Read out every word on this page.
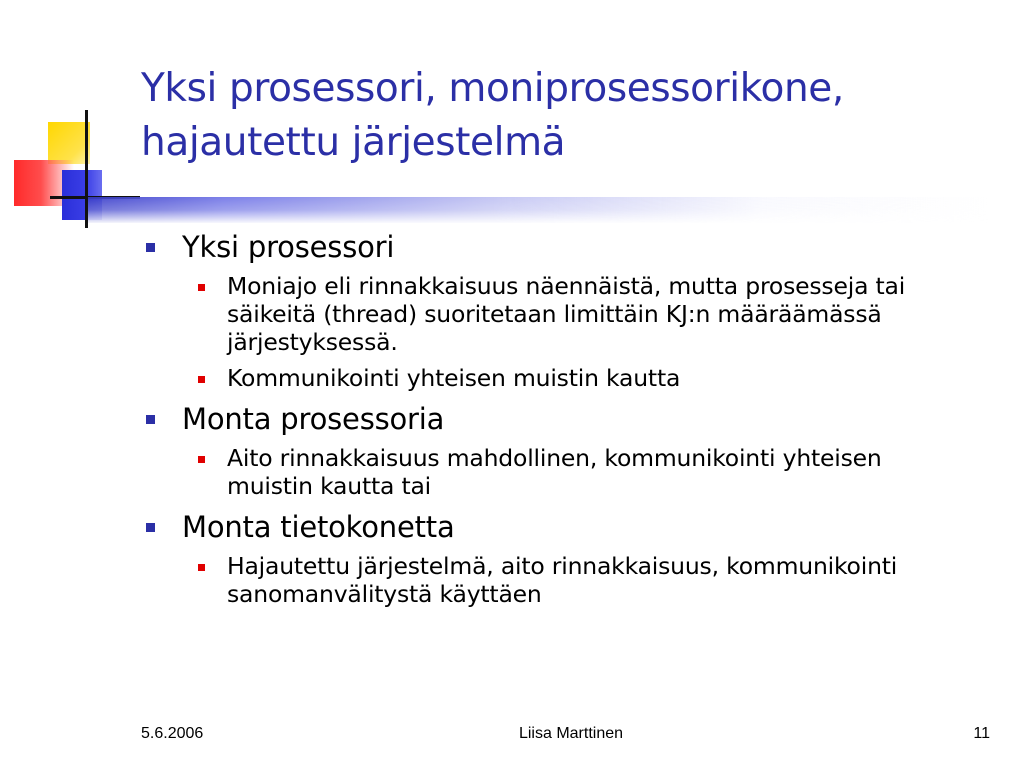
Yksi prosessori, moniprosessorikone,
hajautettu järjestelmä
Yksi prosessori
Moniajo eli rinnakkaisuus näennäistä, mutta prosesseja tai säikeitä (thread) suoritetaan limittäin KJ:n määräämässä järjestyksessä.
Kommunikointi yhteisen muistin kautta
Monta prosessoria
Aito rinnakkaisuus mahdollinen, kommunikointi yhteisen muistin kautta tai
Monta tietokonetta
Hajautettu järjestelmä, aito rinnakkaisuus, kommunikointi sanomanvälitystä käyttäen
5.6.2006	Liisa Marttinen	11
